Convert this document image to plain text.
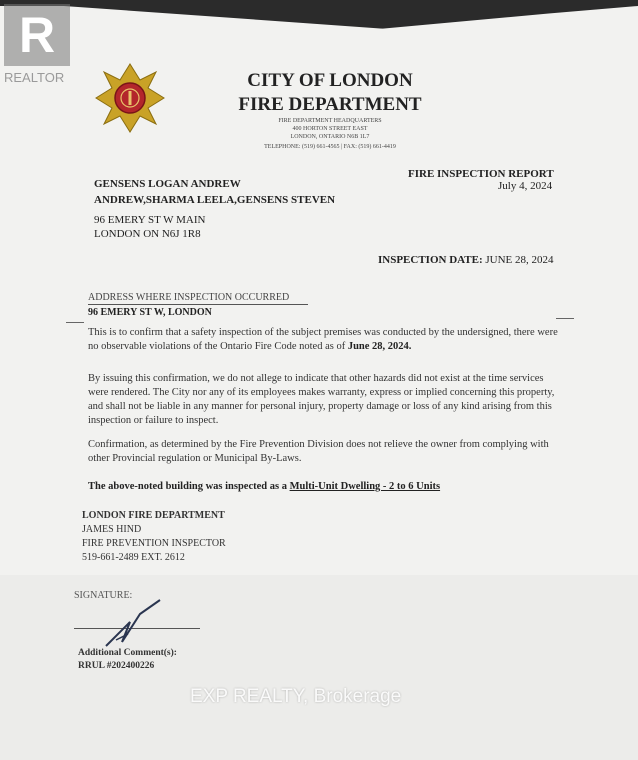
R
REALTOR	CITY OF LONDON
FIRE DEPARTMENT
FIRE DEPARTMENT HEADQUARTERS
400 HORTON STREET EAST
LONDON, ONTARIO N6B 1L7
TELEPHONE: (519) 661-4565 | FAX: (519) 661-4419
GENSENS LOGAN ANDREW
ANDREW,SHARMA LEELA,GENSENS STEVEN
96 EMERY ST W MAIN
LONDON ON N6J 1R8
FIRE INSPECTION REPORT
July 4, 2024
INSPECTION DATE: JUNE 28, 2024
ADDRESS WHERE INSPECTION OCCURRED
96 EMERY ST W, LONDON
This is to confirm that a safety inspection of the subject premises was conducted by the undersigned, there were no observable violations of the Ontario Fire Code noted as of June 28, 2024.
By issuing this confirmation, we do not allege to indicate that other hazards did not exist at the time services were rendered. The City nor any of its employees makes warranty, express or implied concerning this property, and shall not be liable in any manner for personal injury, property damage or loss of any kind arising from this inspection or failure to inspect.
Confirmation, as determined by the Fire Prevention Division does not relieve the owner from complying with other Provincial regulation or Municipal By-Laws.
The above-noted building was inspected as a Multi-Unit Dwelling - 2 to 6 Units
LONDON FIRE DEPARTMENT
JAMES HIND
FIRE PREVENTION INSPECTOR
519-661-2489 EXT. 2612
SIGNATURE:
Additional Comment(s):
RRUL #202400226
EXP REALTY, Brokerage
